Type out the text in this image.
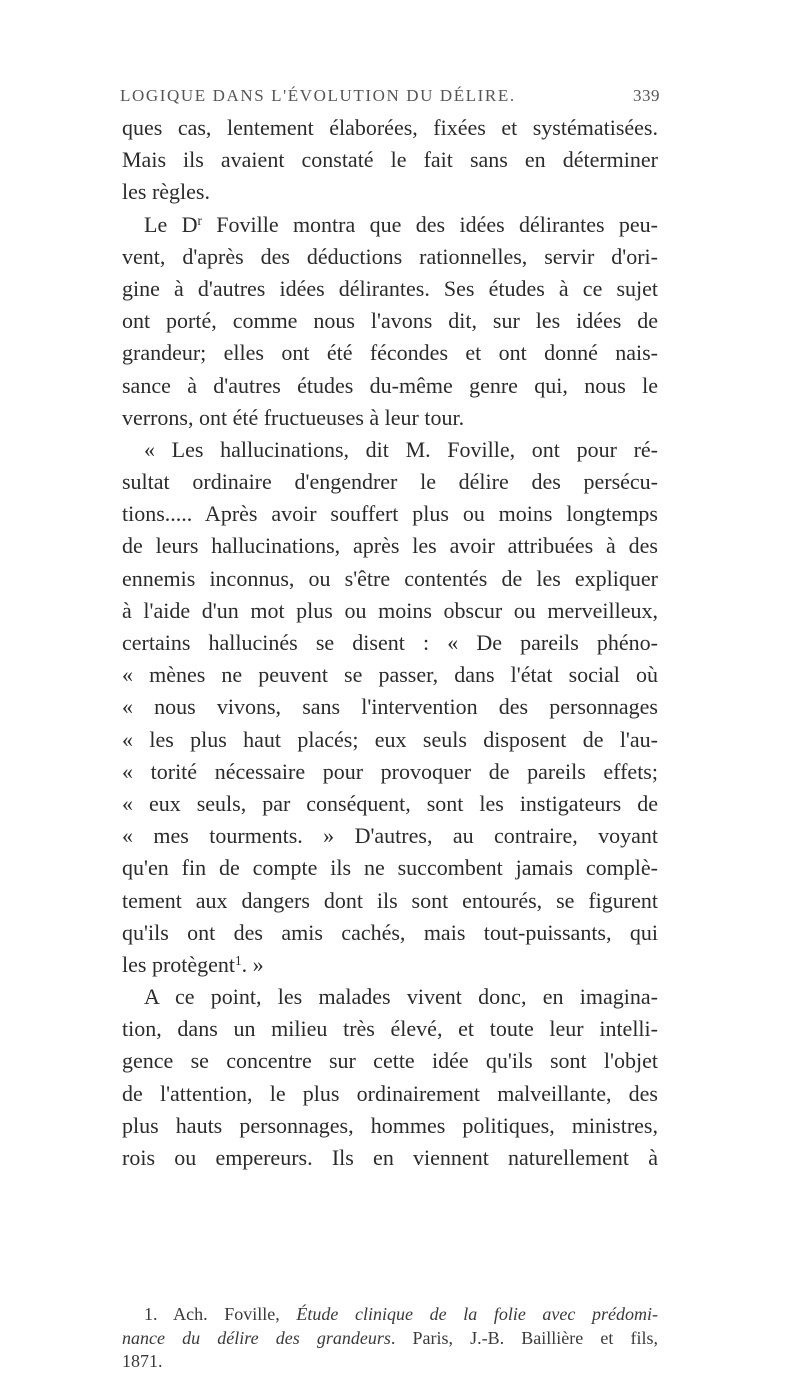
LOGIQUE DANS L'ÉVOLUTION DU DÉLIRE.	339
ques cas, lentement élaborées, fixées et systématisées.
Mais ils avaient constaté le fait sans en déterminer
les règles.
Le $D^r$ Foville montra que des idées délirantes peu-
vent, d'après des déductions rationnelles, servir d'ori-
gine à d'autres idées délirantes. Ses études à ce sujet
ont porté, comme nous l'avons dit, sur les idées de
grandeur; elles ont été fécondes et ont donné nais-
sance à d'autres études du-même genre qui, nous le
verrons, ont été fructueuses à leur tour.
« Les hallucinations, dit M. Foville, ont pour ré-
sultat ordinaire d'engendrer le délire des persécu-
tions..... Après avoir souffert plus ou moins longtemps
de leurs hallucinations, après les avoir attribuées à des
ennemis inconnus, ou s'être contentés de les expliquer
à l'aide d'un mot plus ou moins obscur ou merveilleux,
certains hallucinés se disent : « De pareils phéno-
« mènes ne peuvent se passer, dans l'état social où
« nous vivons, sans l'intervention des personnages
« les plus haut placés; eux seuls disposent de l'au-
« torité nécessaire pour provoquer de pareils effets;
« eux seuls, par conséquent, sont les instigateurs de
« mes tourments. » D'autres, au contraire, voyant
qu'en fin de compte ils ne succombent jamais complè-
tement aux dangers dont ils sont entourés, se figurent
qu'ils ont des amis cachés, mais tout-puissants, qui
les protègent$^1$. »
A ce point, les malades vivent donc, en imagina-
tion, dans un milieu très élevé, et toute leur intelli-
gence se concentre sur cette idée qu'ils sont l'objet
de l'attention, le plus ordinairement malveillante, des
plus hauts personnages, hommes politiques, ministres,
rois ou empereurs. Ils en viennent naturellement à
1. Ach. Foville, Étude clinique de la folie avec prédomi-
nance du délire des grandeurs. Paris, J.-B. Baillière et fils,
1871.
